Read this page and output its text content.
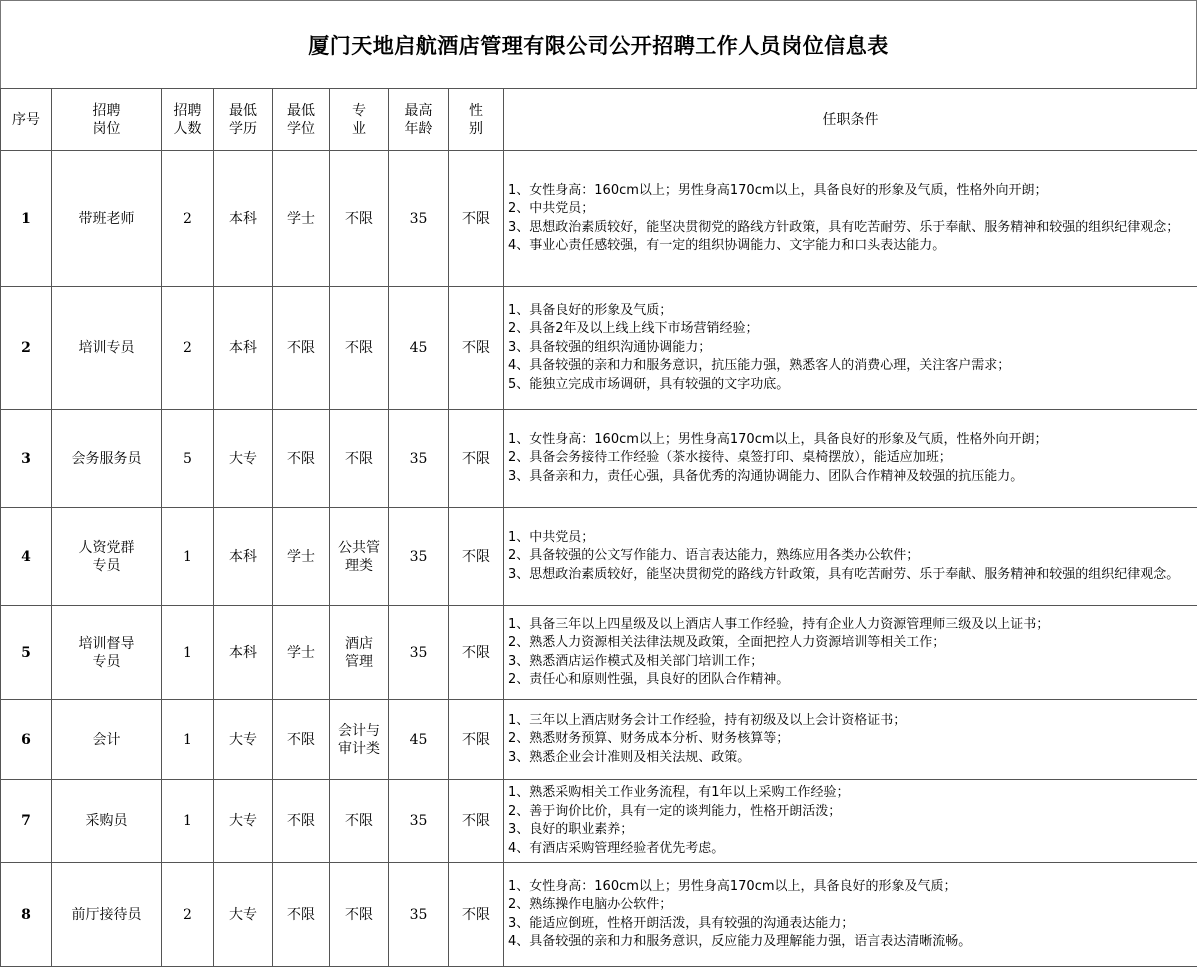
厦门天地启航酒店管理有限公司公开招聘工作人员岗位信息表
序号	招聘岗位	招聘人数	最低学历	最低学位	专业	最高年龄	性别	任职条件
1	带班老师	2	本科	学士	不限	35	不限	1、女性身高：160cm以上；男性身高170cm以上，具备良好的形象及气质，性格外向开朗；
2、中共党员；
3、思想政治素质较好，能坚决贯彻党的路线方针政策，具有吃苦耐劳、乐于奉献、服务精神和较强的组织纪律观念；
4、事业心责任感较强，有一定的组织协调能力、文字能力和口头表达能力。

2	培训专员	2	本科	不限	不限	45	不限	1、具备良好的形象及气质；
2、具备2年及以上线上线下市场营销经验；
3、具备较强的组织沟通协调能力；
4、具备较强的亲和力和服务意识，抗压能力强，熟悉客人的消费心理，关注客户需求；
5、能独立完成市场调研，具有较强的文字功底。

3	会务服务员	5	大专	不限	不限	35	不限	1、女性身高：160cm以上；男性身高170cm以上，具备良好的形象及气质，性格外向开朗；
2、具备会务接待工作经验（茶水接待、桌签打印、桌椅摆放），能适应加班；
3、具备亲和力，责任心强，具备优秀的沟通协调能力、团队合作精神及较强的抗压能力。

4	人资党群专员	1	本科	学士	公共管理类	35	不限	1、中共党员；
2、具备较强的公文写作能力、语言表达能力，熟练应用各类办公软件；
3、思想政治素质较好，能坚决贯彻党的路线方针政策，具有吃苦耐劳、乐于奉献、服务精神和较强的组织纪律观念。

5	培训督导专员	1	本科	学士	酒店管理	35	不限	1、具备三年以上四星级及以上酒店人事工作经验，持有企业人力资源管理师三级及以上证书；
2、熟悉人力资源相关法律法规及政策，全面把控人力资源培训等相关工作；
3、熟悉酒店运作模式及相关部门培训工作；
2、责任心和原则性强，具良好的团队合作精神。

6	会计	1	大专	不限	会计与审计类	45	不限	1、三年以上酒店财务会计工作经验，持有初级及以上会计资格证书；
2、熟悉财务预算、财务成本分析、财务核算等；
3、熟悉企业会计准则及相关法规、政策。

7	采购员	1	大专	不限	不限	35	不限	1、熟悉采购相关工作业务流程，有1年以上采购工作经验；
2、善于询价比价，具有一定的谈判能力，性格开朗活泼；
3、良好的职业素养；
4、有酒店采购管理经验者优先考虑。

8	前厅接待员	2	大专	不限	不限	35	不限	1、女性身高：160cm以上；男性身高170cm以上，具备良好的形象及气质；
2、熟练操作电脑办公软件；
3、能适应倒班，性格开朗活泼，具有较强的沟通表达能力；
4、具备较强的亲和力和服务意识，反应能力及理解能力强，语言表达清晰流畅。
